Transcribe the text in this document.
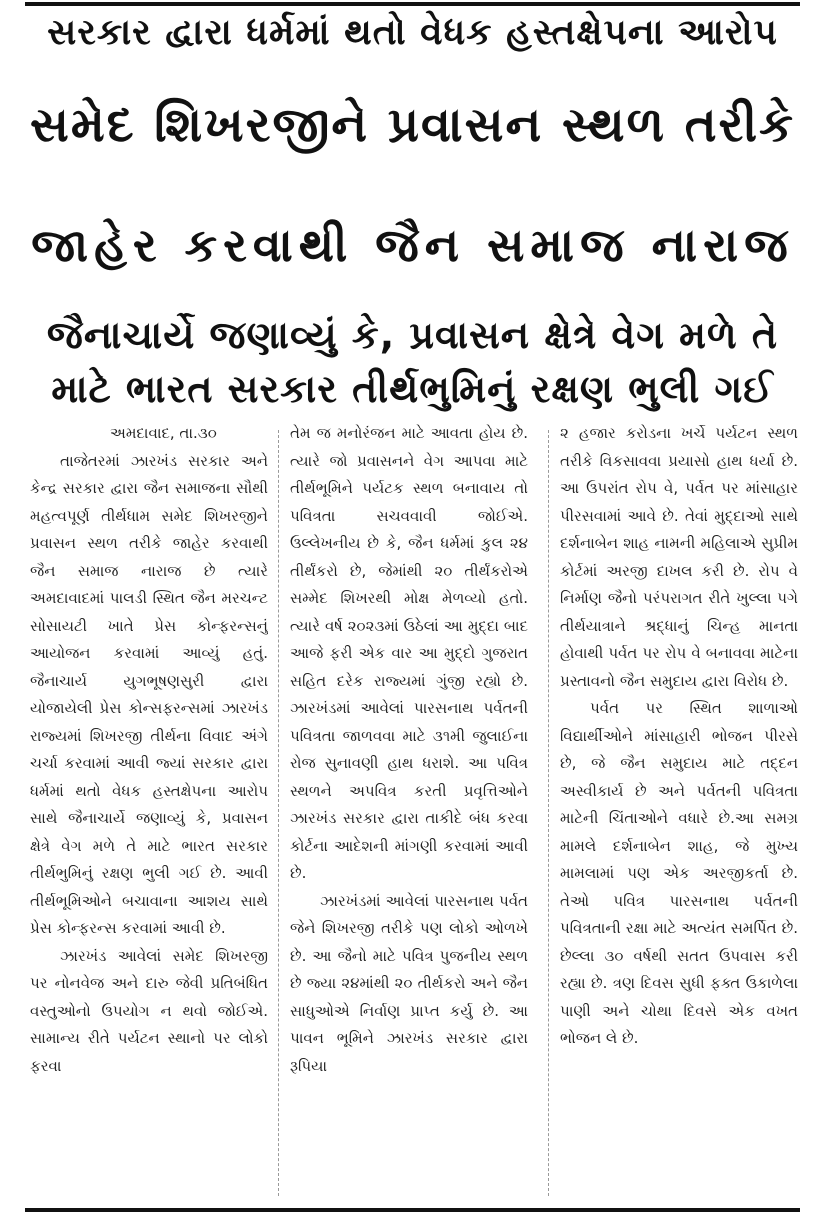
સરકાર દ્વારા ધર્મમાં થતો વેધક હસ્તક્ષેપના આરોપ
સમેદ શિખરજીને પ્રવાસન સ્થળ તરીકે
જાહેર કરવાથી જૈન સમાજ નારાજ
જૈનાચાર્યે જણાવ્યું કે, પ્રવાસન ક્ષેત્રે વેગ મળે તે
માટે ભારત સરકાર તીર્થભુમિનું રક્ષણ ભુલી ગઈ

અમદાવાદ, તા.૩૦

તાજેતરમાં ઝારખંડ સરકાર અને કેન્દ્ર સરકાર દ્વારા જૈન સમાજના સૌથી મહત્વપૂર્ણ તીર્થધામ સમેદ શિખરજીને પ્રવાસન સ્થળ તરીકે જાહેર કરવાથી જૈન સમાજ નારાજ છે ત્યારે અમદાવાદમાં પાલડી સ્થિત જૈન મરચન્ટ સોસાયટી ખાતે પ્રેસ કોન્ફરન્સનું આયોજન કરવામાં આવ્યું હતું. જૈનાચાર્ય યુગભૂષણસુરી દ્વારા યોજાયેલી પ્રેસ કોન્સફરન્સમાં ઝારખંડ રાજ્યમાં શિખરજી તીર્થના વિવાદ અંગે ચર્ચા કરવામાં આવી જ્યાં સરકાર દ્વારા ધર્મમાં થતો વેધક હસ્તક્ષેપના આરોપ સાથે જૈનાચાર્યે જણાવ્યું કે, પ્રવાસન ક્ષેત્રે વેગ મળે તે માટે ભારત સરકાર તીર્થભુમિનું રક્ષણ ભુલી ગઈ છે. આવી તીર્થભૂમિઓને બચાવાના આશય સાથે પ્રેસ કોન્ફરન્સ કરવામાં આવી છે.

ઝારખંડ આવેલાં સમેદ શિખરજી પર નોનવેજ અને દારુ જેવી પ્રતિબંધિત વસ્તુઓનો ઉપયોગ ન થવો જોઈએ. સામાન્ય રીતે પર્યટન સ્થાનો પર લોકો ફરવા

તેમ જ મનોરંજન માટે આવતા હોય છે. ત્યારે જો પ્રવાસનને વેગ આપવા માટે તીર્થભૂમિને પર્યટક સ્થળ બનાવાય તો પવિત્રતા સચવવાવી જોઈએ. ઉલ્લેખનીય છે કે, જૈન ધર્મમાં કુલ ૨૪ તીર્થંકરો છે, જેમાંથી ૨૦ તીર્થંકરોએ સમ્મેદ શિખરથી મોક્ષ મેળવ્યો હતો. ત્યારે વર્ષ ૨૦૨૩માં ઉઠેલાં આ મુદ્દા બાદ આજે ફરી એક વાર આ મુદ્દો ગુજરાત સહિત દરેક રાજ્યમાં ગુંજી રહ્યો છે. ઝારખંડમાં આવેલાં પારસનાથ પર્વતની પવિત્રતા જાળવવા માટે ૩૧મી જુલાઈના રોજ સુનાવણી હાથ ધરાશે. આ પવિત્ર સ્થળને અપવિત્ર કરતી પ્રવૃત્તિઓને ઝારખંડ સરકાર દ્વારા તાકીદે બંધ કરવા કોર્ટના આદેશની માંગણી કરવામાં આવી છે.

ઝારખંડમાં આવેલાં પારસનાથ પર્વત જેને શિખરજી તરીકે પણ લોકો ઓળખે છે. આ જૈનો માટે પવિત્ર પુજનીય સ્થળ છે જ્યા ૨૪માંથી ૨૦ તીર્થકરો અને જૈન સાધુઓએ નિર્વાણ પ્રાપ્ત કર્યુ છે. આ પાવન ભૂમિને ઝારખંડ સરકાર દ્વારા રૂપિયા

૨ હજાર કરોડના ખર્ચે પર્યટન સ્થળ તરીકે વિકસાવવા પ્રયાસો હાથ ધર્યા છે. આ ઉપરાંત રોપ વે, પર્વત પર માંસાહાર પીરસવામાં આવે છે. તેવાં મુદ્દાઓ સાથે દર્શનાબેન શાહ નામની મહિલાએ સુપ્રીમ કોર્ટમાં અરજી દાખલ કરી છે. રોપ વે નિર્માણ જૈનો પરંપરાગત રીતે ખુલ્લા પગે તીર્થયાત્રાને શ્રદ્ધાનું ચિન્હ માનતા હોવાથી પર્વત પર રોપ વે બનાવવા માટેના પ્રસ્તાવનો જૈન સમુદાય દ્વારા વિરોધ છે.

પર્વત પર સ્થિત શાળાઓ વિદ્યાર્થીઓને માંસાહારી ભોજન પીરસે છે, જે જૈન સમુદાય માટે તદ્દન અસ્વીકાર્ય છે અને પર્વતની પવિત્રતા માટેની ચિંતાઓને વધારે છે.આ સમગ્ર મામલે દર્શનાબેન શાહ, જે મુખ્ય મામલામાં પણ એક અરજીકર્તા છે. તેઓ પવિત્ર પારસનાથ પર્વતની પવિત્રતાની રક્ષા માટે અત્યંત સમર્પિત છે. છેલ્લા ૩૦ વર્ષથી સતત ઉપવાસ કરી રહ્યા છે. ત્રણ દિવસ સુધી ફક્ત ઉકાળેલા પાણી અને ચોથા દિવસે એક વખત ભોજન લે છે.
